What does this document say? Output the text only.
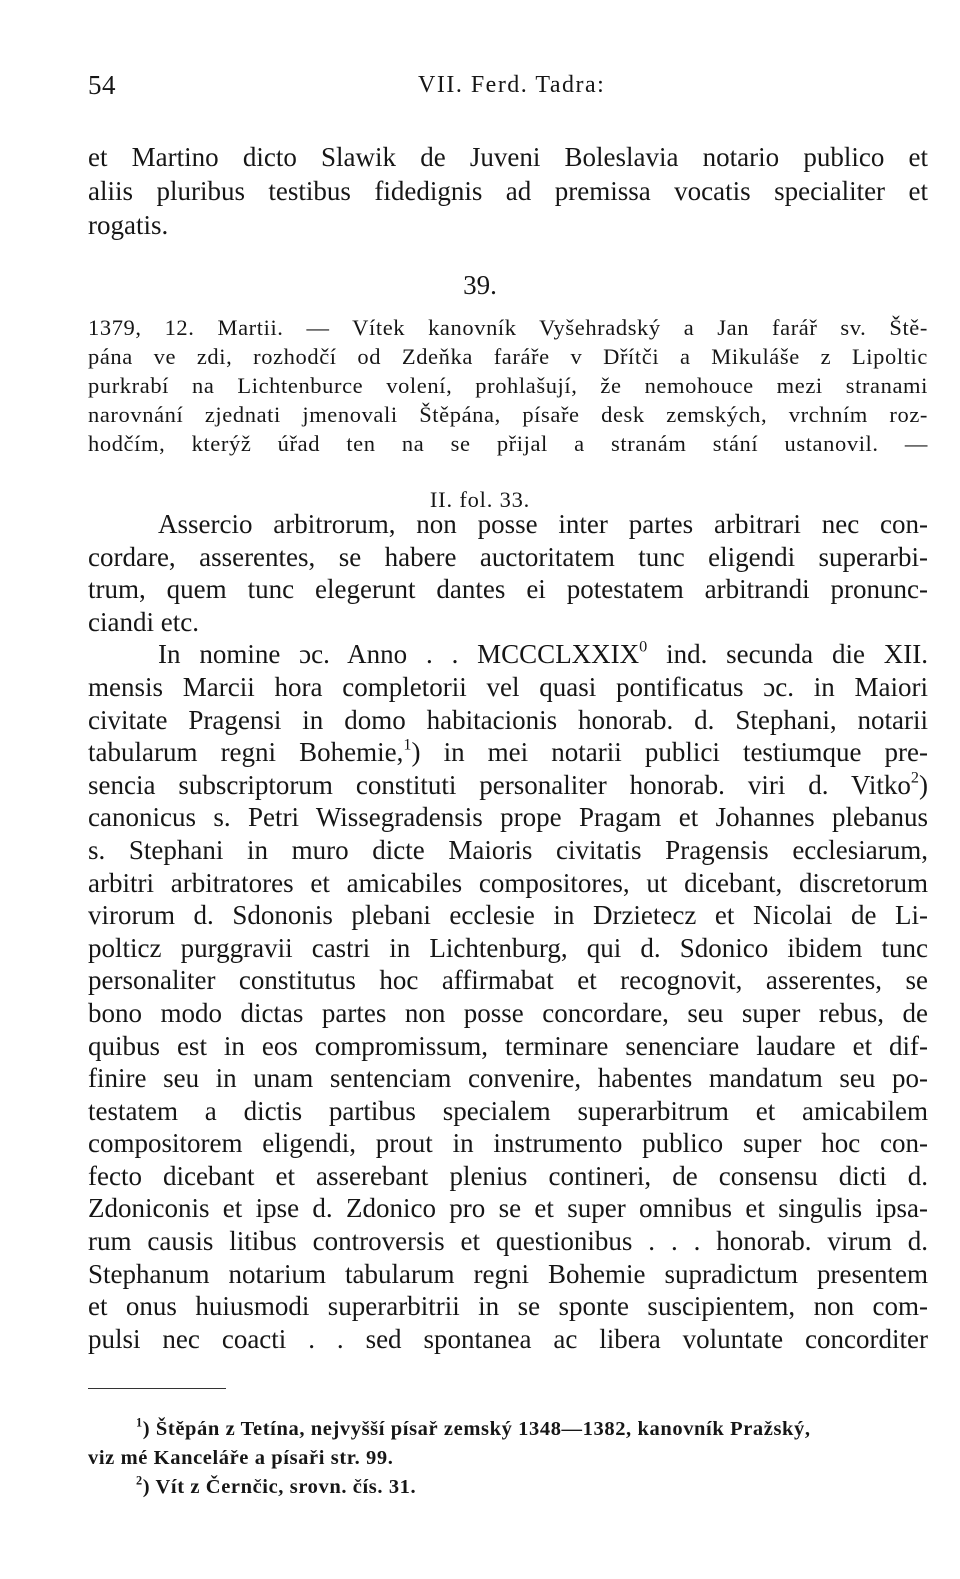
54	VII. Ferd. Tadra:
et Martino dicto Slawik de Juveni Boleslavia notario publico et
aliis pluribus testibus fidedignis ad premissa vocatis specialiter et
rogatis.
39.
1379, 12. Martii. — Vítek kanovník Vyšehradský a Jan farář sv. Ště-
pána ve zdi, rozhodčí od Zdeňka faráře v Dřítči a Mikuláše z Lipoltic
purkrabí na Lichtenburce volení, prohlašují, že nemohouce mezi stranami
narovnání zjednati jmenovali Štěpána, písaře desk zemských, vrchním roz-
hodčím, kterýž úřad ten na se přijal a stranám stání ustanovil. —
II. fol. 33.
Assercio arbitrorum, non posse inter partes arbitrari nec con-
cordare, asserentes, se habere auctoritatem tunc eligendi superarbi-
trum, quem tunc elegerunt dantes ei potestatem arbitrandi pronunc-
ciandi etc.
In nomine ɔc. Anno . . MCCCLXXIX$^0$ ind. secunda die XII.
mensis Marcii hora completorii vel quasi pontificatus ɔc. in Maiori
civitate Pragensi in domo habitacionis honorab. d. Stephani, notarii
tabularum regni Bohemie,$^1$) in mei notarii publici testiumque pre-
sencia subscriptorum constituti personaliter honorab. viri d. Vitko$^2$)
canonicus s. Petri Wissegradensis prope Pragam et Johannes plebanus
s. Stephani in muro dicte Maioris civitatis Pragensis ecclesiarum,
arbitri arbitratores et amicabiles compositores, ut dicebant, discretorum
virorum d. Sdononis plebani ecclesie in Drzietecz et Nicolai de Li-
polticz purggravii castri in Lichtenburg, qui d. Sdonico ibidem tunc
personaliter constitutus hoc affirmabat et recognovit, asserentes, se
bono modo dictas partes non posse concordare, seu super rebus, de
quibus est in eos compromissum, terminare senenciare laudare et dif-
finire seu in unam sentenciam convenire, habentes mandatum seu po-
testatem a dictis partibus specialem superarbitrum et amicabilem
compositorem eligendi, prout in instrumento publico super hoc con-
fecto dicebant et asserebant plenius contineri, de consensu dicti d.
Zdoniconis et ipse d. Zdonico pro se et super omnibus et singulis ipsa-
rum causis litibus controversis et questionibus . . . honorab. virum d.
Stephanum notarium tabularum regni Bohemie supradictum presentem
et onus huiusmodi superarbitrii in se sponte suscipientem, non com-
pulsi nec coacti . . sed spontanea ac libera voluntate concorditer
$^1$) Štěpán z Tetína, nejvyšší písař zemský 1348—1382, kanovník Pražský,
viz mé Kanceláře a písaři str. 99.
$^2$) Vít z Černčic, srovn. čís. 31.
